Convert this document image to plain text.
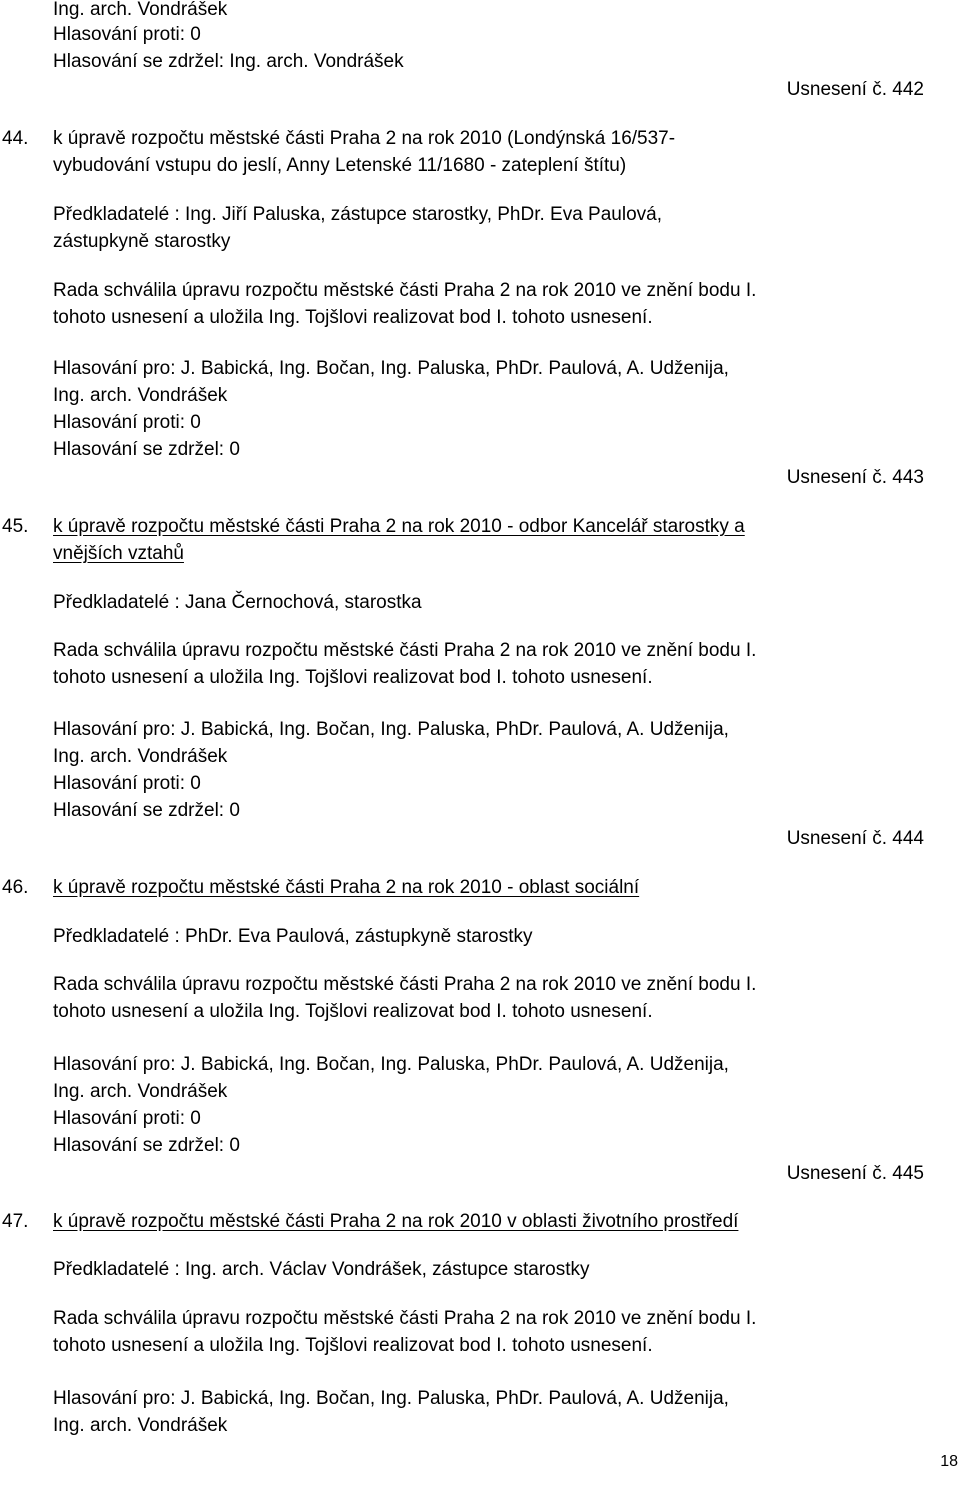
Ing. arch. Vondrášek
Hlasování proti: 0
Hlasování se zdržel: Ing. arch. Vondrášek
Usnesení č. 442
44. k úpravě rozpočtu městské části Praha 2 na rok 2010 (Londýnská 16/537-
vybudování vstupu do jeslí, Anny Letenské 11/1680 - zateplení štítu)
Předkladatelé : Ing. Jiří Paluska, zástupce starostky, PhDr. Eva Paulová,
zástupkyně starostky
Rada schválila úpravu rozpočtu městské části Praha 2 na rok 2010 ve znění bodu I.
tohoto usnesení a uložila Ing. Tojšlovi realizovat bod I. tohoto usnesení.
Hlasování pro: J. Babická, Ing. Bočan, Ing. Paluska, PhDr. Paulová, A. Udženija,
Ing. arch. Vondrášek
Hlasování proti: 0
Hlasování se zdržel: 0
Usnesení č. 443
45. k úpravě rozpočtu městské části Praha 2 na rok 2010 - odbor Kancelář starostky a
vnějších vztahů
Předkladatelé : Jana Černochová, starostka
Rada schválila úpravu rozpočtu městské části Praha 2 na rok 2010 ve znění bodu I.
tohoto usnesení a uložila Ing. Tojšlovi realizovat bod I. tohoto usnesení.
Hlasování pro: J. Babická, Ing. Bočan, Ing. Paluska, PhDr. Paulová, A. Udženija,
Ing. arch. Vondrášek
Hlasování proti: 0
Hlasování se zdržel: 0
Usnesení č. 444
46. k úpravě rozpočtu městské části Praha 2 na rok 2010 - oblast sociální
Předkladatelé : PhDr. Eva Paulová, zástupkyně starostky
Rada schválila úpravu rozpočtu městské části Praha 2 na rok 2010 ve znění bodu I.
tohoto usnesení a uložila Ing. Tojšlovi realizovat bod I. tohoto usnesení.
Hlasování pro: J. Babická, Ing. Bočan, Ing. Paluska, PhDr. Paulová, A. Udženija,
Ing. arch. Vondrášek
Hlasování proti: 0
Hlasování se zdržel: 0
Usnesení č. 445
47. k úpravě rozpočtu městské části Praha 2 na rok 2010 v oblasti životního prostředí
Předkladatelé : Ing. arch. Václav Vondrášek, zástupce starostky
Rada schválila úpravu rozpočtu městské části Praha 2 na rok 2010 ve znění bodu I.
tohoto usnesení a uložila Ing. Tojšlovi realizovat bod I. tohoto usnesení.
Hlasování pro: J. Babická, Ing. Bočan, Ing. Paluska, PhDr. Paulová, A. Udženija,
Ing. arch. Vondrášek
18
